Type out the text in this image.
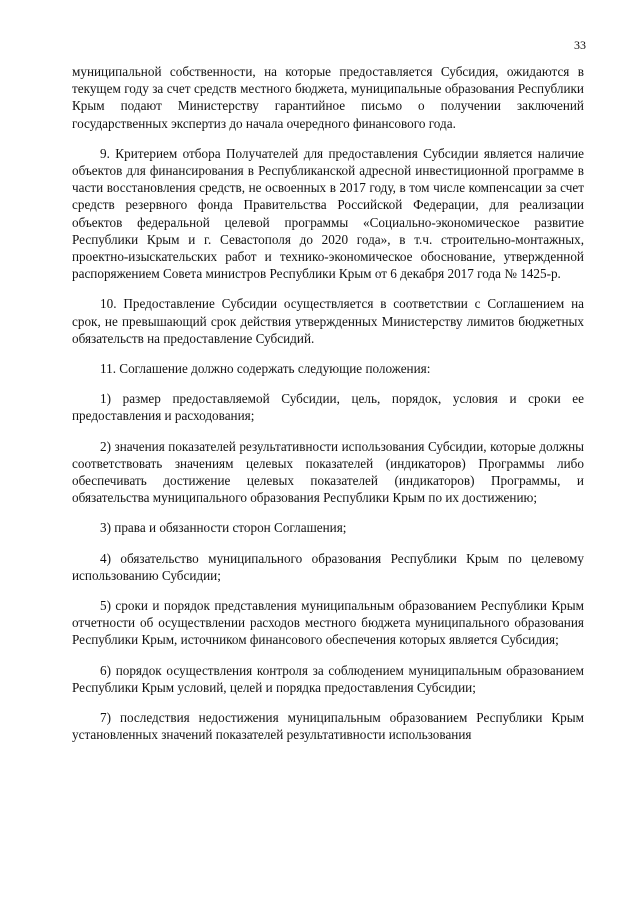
33

муниципальной собственности, на которые предоставляется Субсидия, ожидаются в текущем году за счет средств местного бюджета, муниципальные образования Республики Крым подают Министерству гарантийное письмо о получении заключений государственных экспертиз до начала очередного финансового года.

9. Критерием отбора Получателей для предоставления Субсидии является наличие объектов для финансирования в Республиканской адресной инвестиционной программе в части восстановления средств, не освоенных в 2017 году, в том числе компенсации за счет средств резервного фонда Правительства Российской Федерации, для реализации объектов федеральной целевой программы «Социально-экономическое развитие Республики Крым и г. Севастополя до 2020 года», в т.ч. строительно-монтажных, проектно-изыскательских работ и технико-экономическое обоснование, утвержденной распоряжением Совета министров Республики Крым от 6 декабря 2017 года № 1425-р.

10. Предоставление Субсидии осуществляется в соответствии с Соглашением на срок, не превышающий срок действия утвержденных Министерству лимитов бюджетных обязательств на предоставление Субсидий.

11. Соглашение должно содержать следующие положения:

1) размер предоставляемой Субсидии, цель, порядок, условия и сроки ее предоставления и расходования;

2) значения показателей результативности использования Субсидии, которые должны соответствовать значениям целевых показателей (индикаторов) Программы либо обеспечивать достижение целевых показателей (индикаторов) Программы, и обязательства муниципального образования Республики Крым по их достижению;

3) права и обязанности сторон Соглашения;

4) обязательство муниципального образования Республики Крым по целевому использованию Субсидии;

5) сроки и порядок представления муниципальным образованием Республики Крым отчетности об осуществлении расходов местного бюджета муниципального образования Республики Крым, источником финансового обеспечения которых является Субсидия;

6) порядок осуществления контроля за соблюдением муниципальным образованием Республики Крым условий, целей и порядка предоставления Субсидии;

7) последствия недостижения муниципальным образованием Республики Крым установленных значений показателей результативности использования
